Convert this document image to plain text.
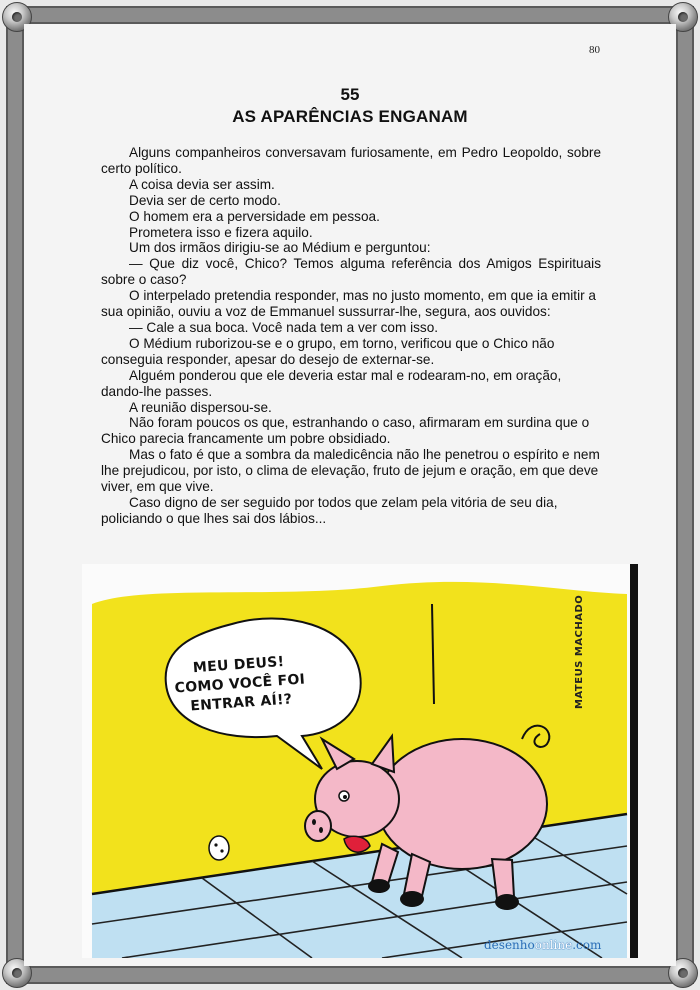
80
55
AS APARÊNCIAS ENGANAM

Alguns companheiros conversavam furiosamente, em Pedro Leopoldo, sobre certo político.

A coisa devia ser assim.

Devia ser de certo modo.

O homem era a perversidade em pessoa.

Prometera isso e fizera aquilo.

Um dos irmãos dirigiu-se ao Médium e perguntou:

— Que diz você, Chico? Temos alguma referência dos Amigos Espirituais sobre o caso?

O interpelado pretendia responder, mas no justo momento, em que ia emitir a sua opinião, ouviu a voz de Emmanuel sussurrar-lhe, segura, aos ouvidos:

— Cale a sua boca. Você nada tem a ver com isso.

O Médium ruborizou-se e o grupo, em torno, verificou que o Chico não conseguia responder, apesar do desejo de externar-se.

Alguém ponderou que ele deveria estar mal e rodearam-no, em oração, dando-lhe passes.

A reunião dispersou-se.

Não foram poucos os que, estranhando o caso, afirmaram em surdina que o Chico parecia francamente um pobre obsidiado.

Mas o fato é que a sombra da maledicência não lhe penetrou o espírito e nem lhe prejudicou, por isto, o clima de elevação, fruto de jejum e oração, em que deve viver, em que vive.

Caso digno de ser seguido por todos que zelam pela vitória de seu dia, policiando o que lhes sai dos lábios...

MEU DEUS!
COMO VOCÊ FOI
ENTRAR AÍ!?	MATEUS MACHADO
desenhoonline.com
